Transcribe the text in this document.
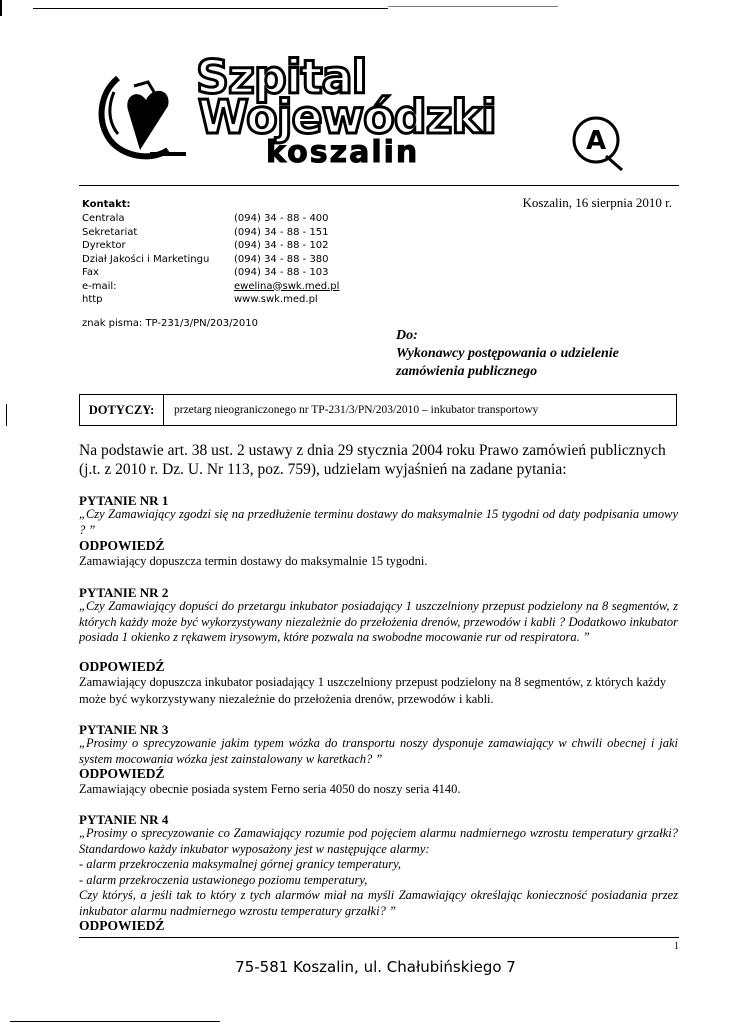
Szpital
Wojewódzki
koszalin	A
Kontakt:
Centrala	(094) 34 - 88 - 400
Sekretariat	(094) 34 - 88 - 151
Dyrektor	(094) 34 - 88 - 102
Dział Jakości i Marketingu (094) 34 - 88 - 380
Fax	(094) 34 - 88 - 103
e-mail:	ewelina@swk.med.pl
http	www.swk.med.pl
Koszalin, 16 sierpnia 2010 r.
znak pisma: TP-231/3/PN/203/2010
Do:
Wykonawcy postępowania o udzielenie
zamówienia publicznego
DOTYCZY:	przetarg nieograniczonego nr TP-231/3/PN/203/2010 – inkubator transportowy
Na podstawie art. 38 ust. 2 ustawy z dnia 29 stycznia 2004 roku Prawo zamówień publicznych (j.t. z 2010 r. Dz. U. Nr 113, poz. 759), udzielam wyjaśnień na zadane pytania:
PYTANIE NR 1
„Czy Zamawiający zgodzi się na przedłużenie terminu dostawy do maksymalnie 15 tygodni od daty podpisania umowy ? ”
ODPOWIEDŹ
Zamawiający dopuszcza termin dostawy do maksymalnie 15 tygodni.
PYTANIE NR 2
„Czy Zamawiający dopuści do przetargu inkubator posiadający 1 uszczelniony przepust podzielony na 8 segmentów, z których każdy może być wykorzystywany niezależnie do przełożenia drenów, przewodów i kabli ? Dodatkowo inkubator posiada 1 okienko z rękawem irysowym, które pozwala na swobodne mocowanie rur od respiratora. ”
ODPOWIEDŹ
Zamawiający dopuszcza inkubator posiadający 1 uszczelniony przepust podzielony na 8 segmentów, z których każdy może być wykorzystywany niezależnie do przełożenia drenów, przewodów i kabli.
PYTANIE NR 3
„Prosimy o sprecyzowanie jakim typem wózka do transportu noszy dysponuje zamawiający w chwili obecnej i jaki system mocowania wózka jest zainstalowany w karetkach? ”
ODPOWIEDŹ
Zamawiający obecnie posiada system Ferno seria 4050 do noszy seria 4140.
PYTANIE NR 4
„Prosimy o sprecyzowanie co Zamawiający rozumie pod pojęciem alarmu nadmiernego wzrostu temperatury grzałki? Standardowo każdy inkubator wyposażony jest w następujące alarmy:
- alarm przekroczenia maksymalnej górnej granicy temperatury,
- alarm przekroczenia ustawionego poziomu temperatury,
Czy któryś, a jeśli tak to który z tych alarmów miał na myśli Zamawiający określając konieczność posiadania przez inkubator alarmu nadmiernego wzrostu temperatury grzałki? ”
ODPOWIEDŹ
1
75-581 Koszalin, ul. Chałubińskiego 7
